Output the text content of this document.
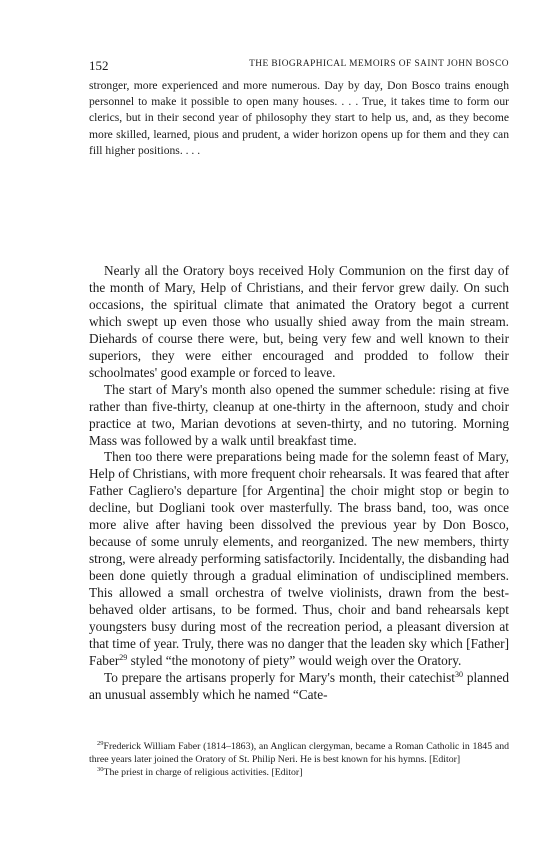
152	THE BIOGRAPHICAL MEMOIRS OF SAINT JOHN BOSCO
stronger, more experienced and more numerous. Day by day, Don Bosco trains enough personnel to make it possible to open many houses. . . . True, it takes time to form our clerics, but in their second year of philosophy they start to help us, and, as they become more skilled, learned, pious and prudent, a wider horizon opens up for them and they can fill higher positions. . . .

Nearly all the Oratory boys received Holy Communion on the first day of the month of Mary, Help of Christians, and their fervor grew daily. On such occasions, the spiritual climate that animated the Oratory begot a current which swept up even those who usually shied away from the main stream. Diehards of course there were, but, being very few and well known to their superiors, they were either encouraged and prodded to follow their schoolmates' good example or forced to leave.

The start of Mary's month also opened the summer schedule: rising at five rather than five-thirty, cleanup at one-thirty in the afternoon, study and choir practice at two, Marian devotions at seven-thirty, and no tutoring. Morning Mass was followed by a walk until breakfast time.

Then too there were preparations being made for the solemn feast of Mary, Help of Christians, with more frequent choir rehearsals. It was feared that after Father Cagliero's departure [for Argentina] the choir might stop or begin to decline, but Dogliani took over masterfully. The brass band, too, was once more alive after having been dissolved the previous year by Don Bosco, because of some unruly elements, and reorganized. The new members, thirty strong, were already performing satisfactorily. Incidentally, the disbanding had been done quietly through a gradual elimination of undisciplined members. This allowed a small orchestra of twelve violinists, drawn from the best-behaved older artisans, to be formed. Thus, choir and band rehearsals kept youngsters busy during most of the recreation period, a pleasant diversion at that time of year. Truly, there was no danger that the leaden sky which [Father] Faber$^{29}$ styled “the monotony of piety” would weigh over the Oratory.

To prepare the artisans properly for Mary's month, their catechist$^{30}$ planned an unusual assembly which he named “Cate-

$^{29}$Frederick William Faber (1814–1863), an Anglican clergyman, became a Roman Catholic in 1845 and three years later joined the Oratory of St. Philip Neri. He is best known for his hymns. [Editor]

$^{30}$The priest in charge of religious activities. [Editor]
